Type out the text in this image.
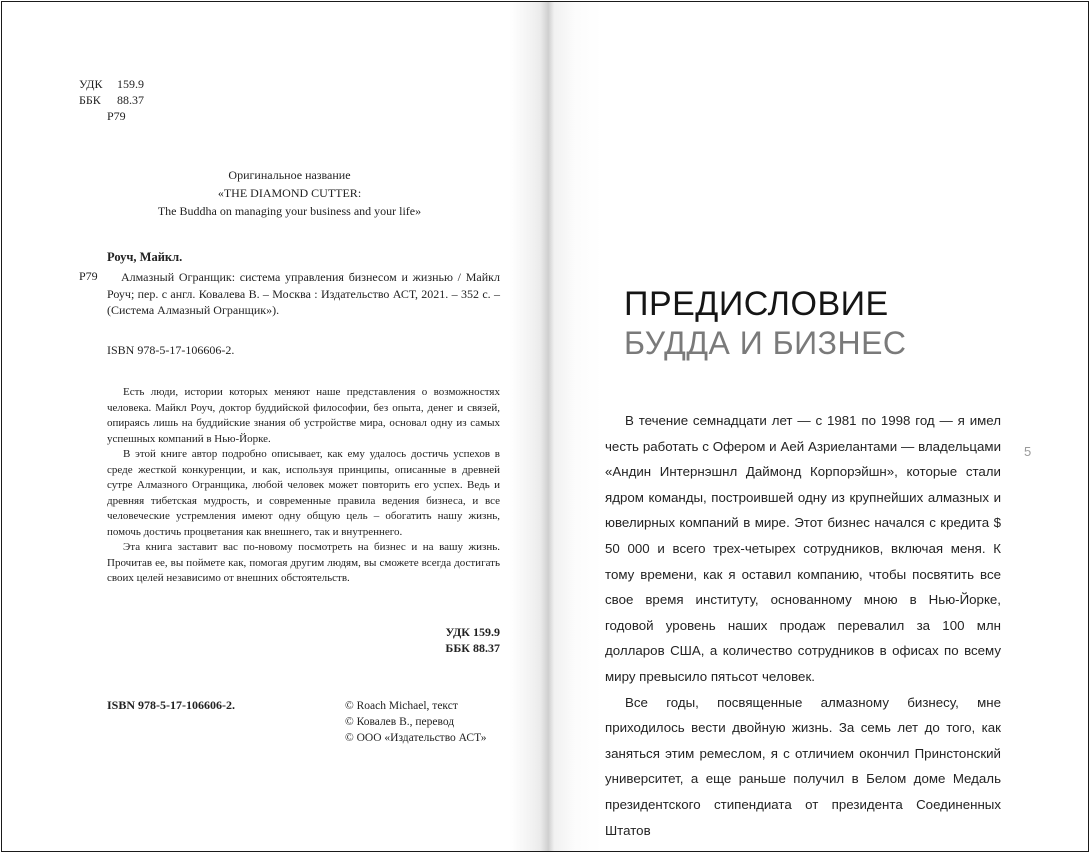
УДК	159.9
ББК	88.37
Р79
Оригинальное название
«THE DIAMOND CUTTER:
The Buddha on managing your business and your life»
Роуч, Майкл.
Р79	Алмазный Огранщик: система управления бизнесом и жизнью / Майкл Роуч; пер. с англ. Ковалева В. – Москва : Издательство АСТ, 2021. – 352 с. – (Система Алмазный Огранщик»).
ISBN 978-5-17-106606-2.

Есть люди, истории которых меняют наше представления о возможностях человека. Майкл Роуч, доктор буддийской философии, без опыта, денег и связей, опираясь лишь на буддийские знания об устройстве мира, основал одну из самых успешных компаний в Нью-Йорке.

В этой книге автор подробно описывает, как ему удалось достичь успехов в среде жесткой конкуренции, и как, используя принципы, описанные в древней сутре Алмазного Огранщика, любой человек может повторить его успех. Ведь и древняя тибетская мудрость, и современные правила ведения бизнеса, и все человеческие устремления имеют одну общую цель – обогатить нашу жизнь, помочь достичь процветания как внешнего, так и внутреннего.

Эта книга заставит вас по-новому посмотреть на бизнес и на вашу жизнь. Прочитав ее, вы поймете как, помогая другим людям, вы сможете всегда достигать своих целей независимо от внешних обстоятельств.

УДК 159.9
ББК 88.37
ISBN 978-5-17-106606-2.	© Roach Michael, текст
© Ковалев В., перевод
© ООО «Издательство АСТ»
ПРЕДИСЛОВИЕ
БУДДА И БИЗНЕС

В течение семнадцати лет — с 1981 по 1998 год — я имел честь работать с Офером и Аей Азриелантами — владельцами «Андин Интернэшнл Даймонд Корпорэйшн», которые стали ядром команды, построившей одну из крупнейших алмазных и ювелирных компаний в мире. Этот бизнес начался с кредита $ 50 000 и всего трех-четырех сотрудников, включая меня. К тому времени, как я оставил компанию, чтобы посвятить все свое время институту, основанному мною в Нью-Йорке, годовой уровень наших продаж перевалил за 100 млн долларов США, а количество сотрудников в офисах по всему миру превысило пятьсот человек.

Все годы, посвященные алмазному бизнесу, мне приходилось вести двойную жизнь. За семь лет до того, как заняться этим ремеслом, я с отличием окончил Принстонский университет, а еще раньше получил в Белом доме Медаль президентского стипендиата от президента Соединенных Штатов

5
